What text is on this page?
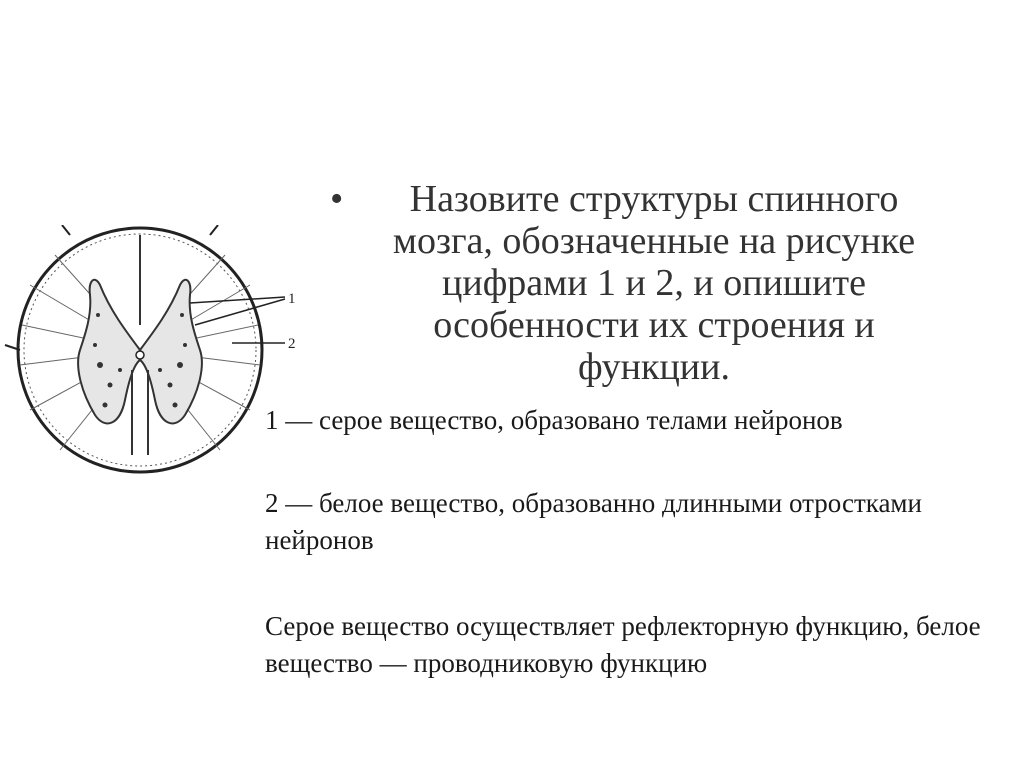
1
2
•	Назовите структуры спинного мозга, обозначенные на рисунке цифрами 1 и 2, и опишите особенности их строения и функции.
1 — серое вещество, образовано телами нейронов
2 — белое вещество, образованно длинными отростками нейронов
Серое вещество осуществляет рефлекторную функцию, белое вещество — проводниковую функцию
